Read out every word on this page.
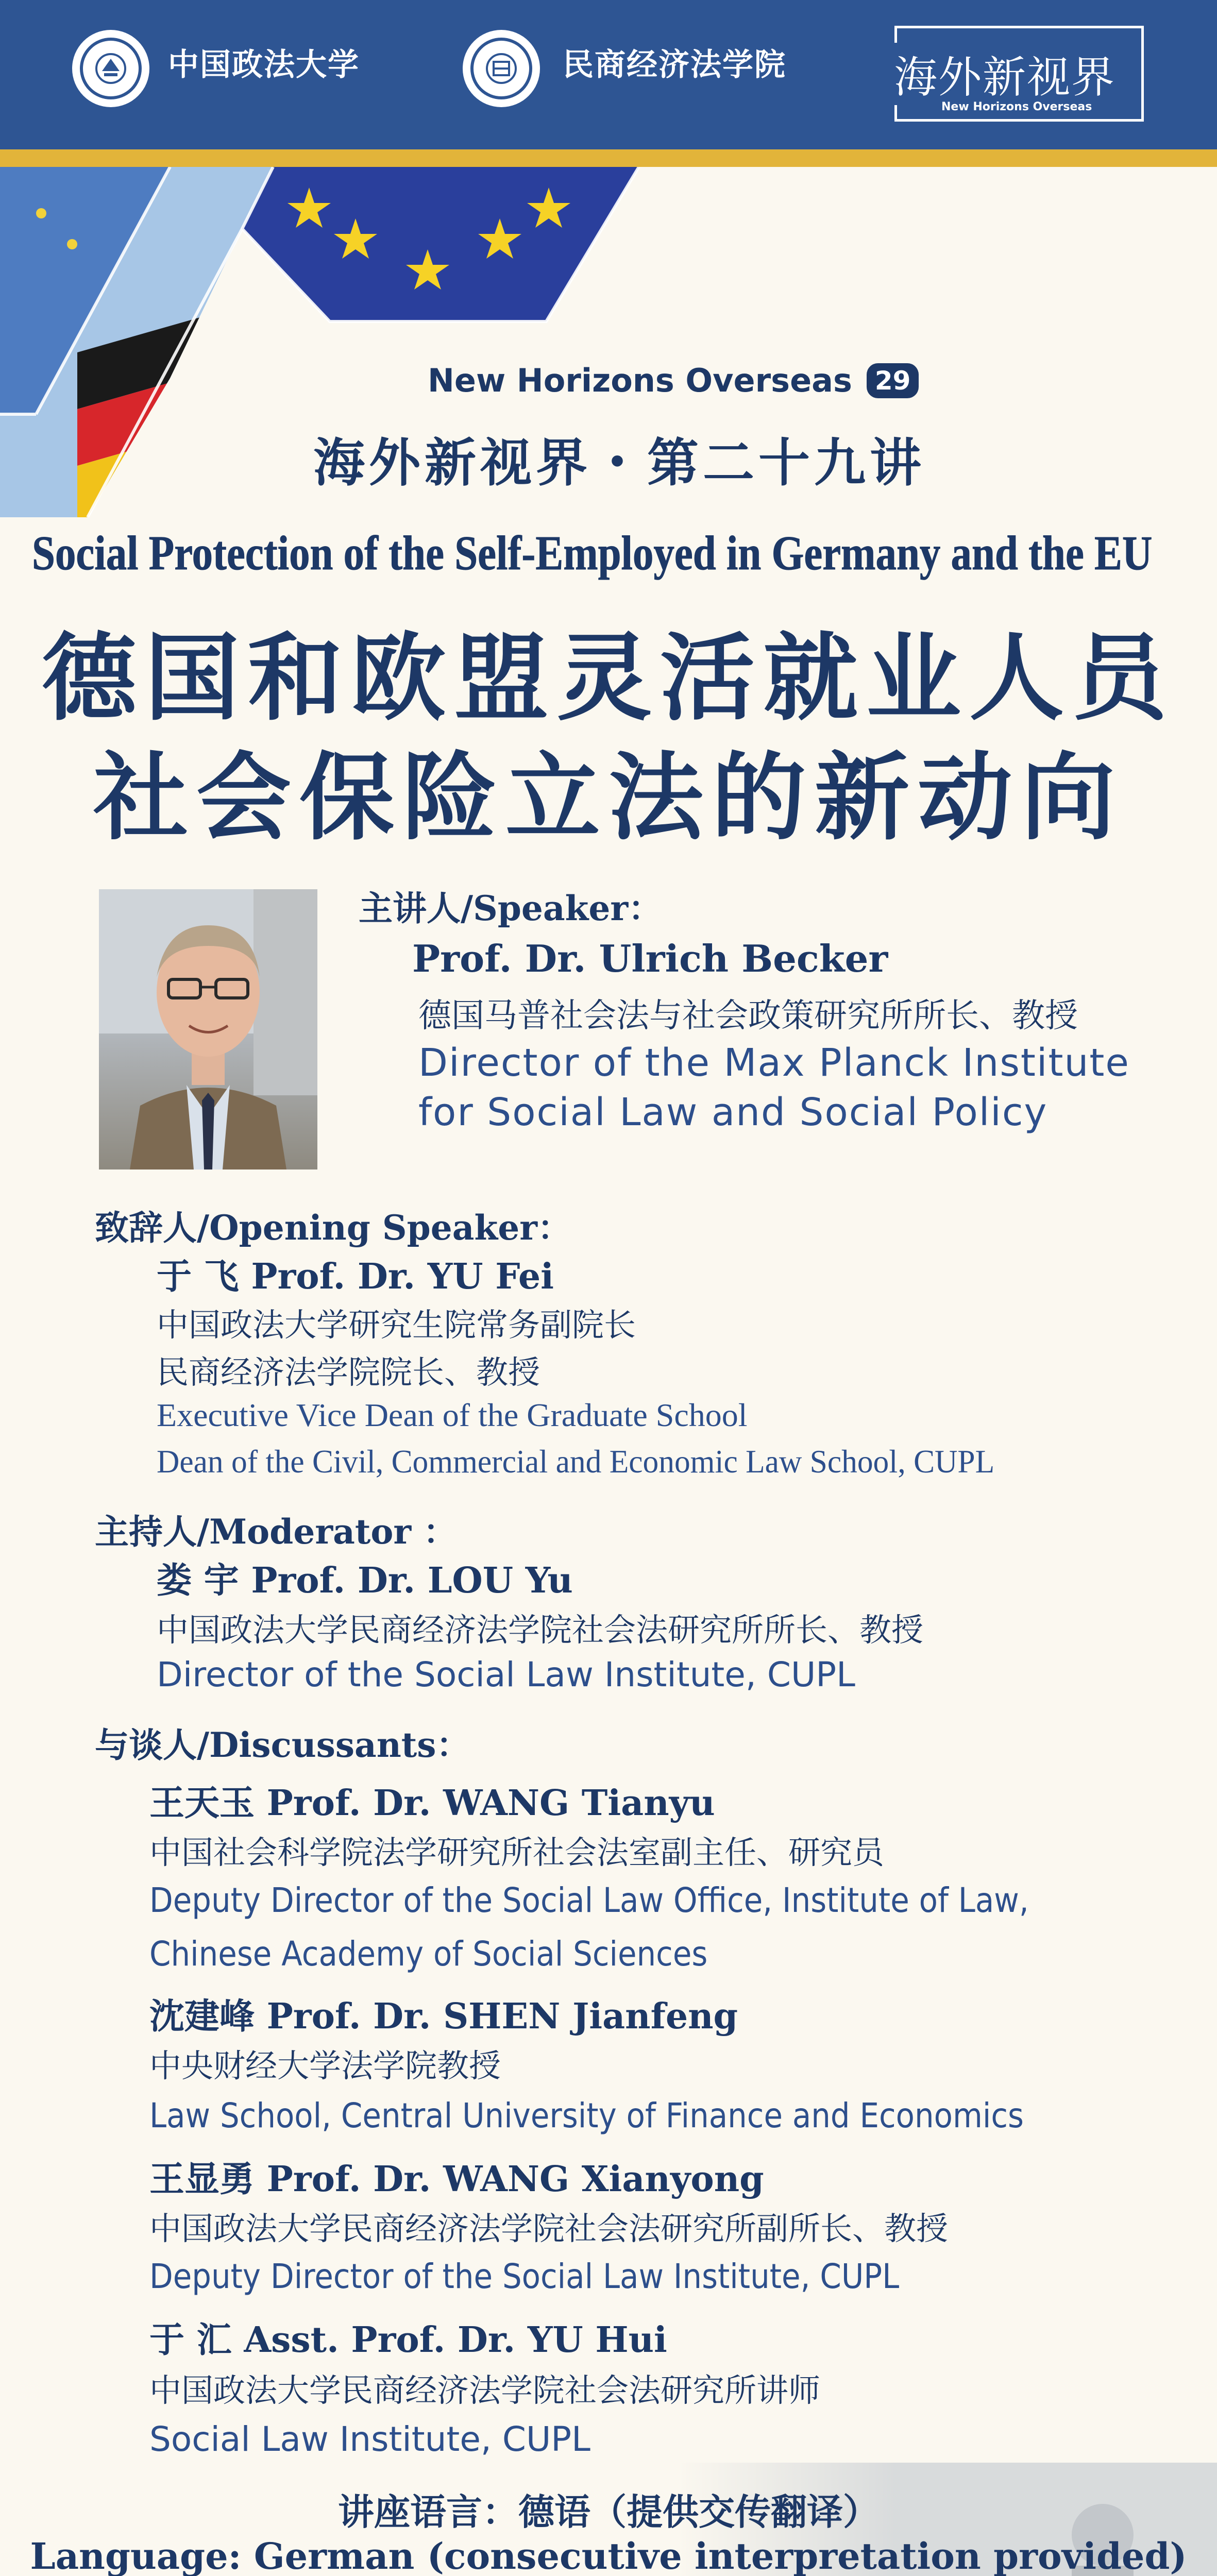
中国政法大学	民商经济法学院 海外新视界
New Horizons Overseas
New Horizons Overseas 29
海外新视界・第二十九讲
Social Protection of the Self-Employed in Germany and the EU
德国和欧盟灵活就业人员
社会保险立法的新动向
主讲人/Speaker：
Prof. Dr. Ulrich Becker
德国马普社会法与社会政策研究所所长、教授
Director of the Max Planck Institute
for Social Law and Social Policy
致辞人/Opening Speaker：
于 飞 Prof. Dr. YU Fei
中国政法大学研究生院常务副院长
民商经济法学院院长、教授
Executive Vice Dean of the Graduate School
Dean of the Civil, Commercial and Economic Law School, CUPL
主持人/Moderator ：
娄 宇 Prof. Dr. LOU Yu
中国政法大学民商经济法学院社会法研究所所长、教授
Director of the Social Law Institute, CUPL
与谈人/Discussants：
王天玉 Prof. Dr. WANG Tianyu
中国社会科学院法学研究所社会法室副主任、研究员
Deputy Director of the Social Law Office, Institute of Law,
Chinese Academy of Social Sciences
沈建峰 Prof. Dr. SHEN Jianfeng
中央财经大学法学院教授
Law School, Central University of Finance and Economics
王显勇 Prof. Dr. WANG Xianyong
中国政法大学民商经济法学院社会法研究所副所长、教授
Deputy Director of the Social Law Institute, CUPL
于 汇 Asst. Prof. Dr. YU Hui
中国政法大学民商经济法学院社会法研究所讲师
Social Law Institute, CUPL
讲座语言：德语（提供交传翻译）
Language: German (consecutive interpretation provided)
